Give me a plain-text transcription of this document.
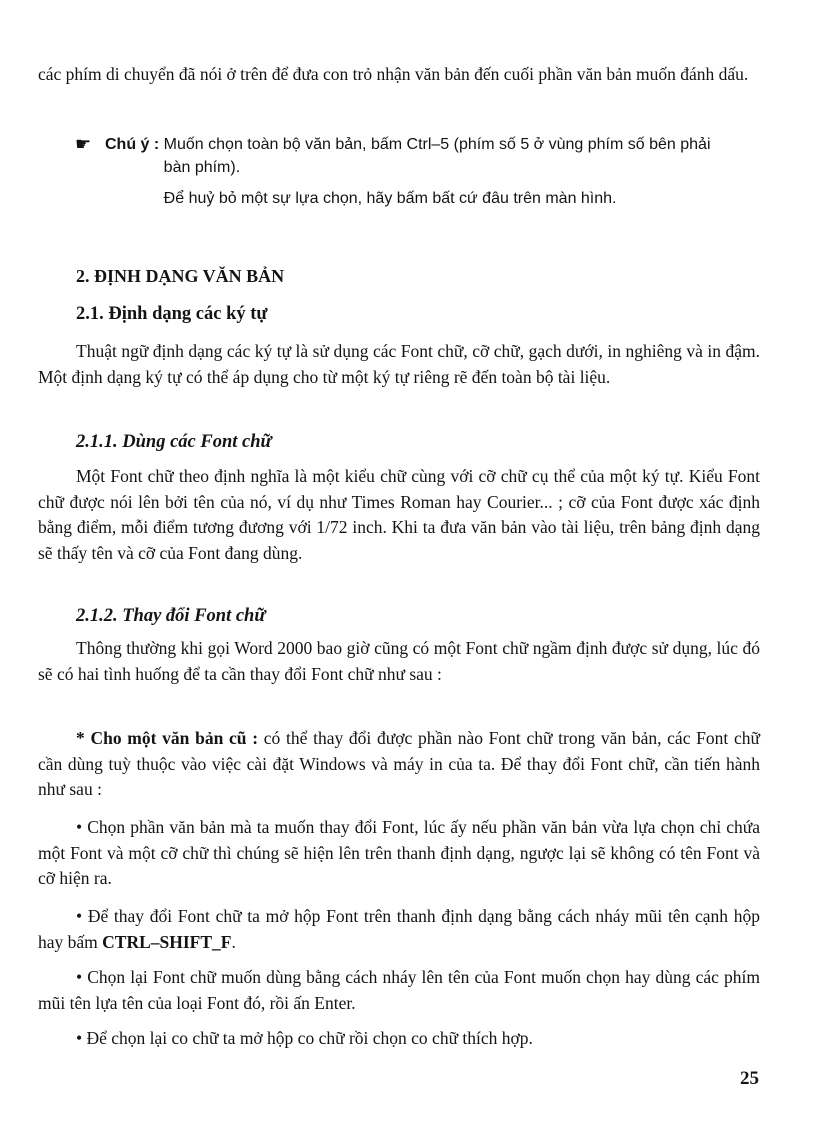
các phím di chuyển đã nói ở trên để đưa con trỏ nhận văn bản đến cuối phần văn bản muốn đánh dấu.

☛ Chú ý : Muốn chọn toàn bộ văn bản, bấm Ctrl–5 (phím số 5 ở vùng phím số bên phải bàn phím).

Để huỷ bỏ một sự lựa chọn, hãy bấm bất cứ đâu trên màn hình.

2. ĐỊNH DẠNG VĂN BẢN
2.1. Định dạng các ký tự

Thuật ngữ định dạng các ký tự là sử dụng các Font chữ, cỡ chữ, gạch dưới, in nghiêng và in đậm. Một định dạng ký tự có thể áp dụng cho từ một ký tự riêng rẽ đến toàn bộ tài liệu.

2.1.1. Dùng các Font chữ

Một Font chữ theo định nghĩa là một kiểu chữ cùng với cỡ chữ cụ thể của một ký tự. Kiểu Font chữ được nói lên bởi tên của nó, ví dụ như Times Roman hay Courier... ; cỡ của Font được xác định bằng điểm, mỗi điểm tương đương với 1/72 inch. Khi ta đưa văn bản vào tài liệu, trên bảng định dạng sẽ thấy tên và cỡ của Font đang dùng.

2.1.2. Thay đổi Font chữ

Thông thường khi gọi Word 2000 bao giờ cũng có một Font chữ ngầm định được sử dụng, lúc đó sẽ có hai tình huống để ta cần thay đổi Font chữ như sau :

* Cho một văn bản cũ : có thể thay đổi được phần nào Font chữ trong văn bản, các Font chữ cần dùng tuỳ thuộc vào việc cài đặt Windows và máy in của ta. Để thay đổi Font chữ, cần tiến hành như sau :

• Chọn phần văn bản mà ta muốn thay đổi Font, lúc ấy nếu phần văn bản vừa lựa chọn chỉ chứa một Font và một cỡ chữ thì chúng sẽ hiện lên trên thanh định dạng, ngược lại sẽ không có tên Font và cỡ hiện ra.

• Để thay đổi Font chữ ta mở hộp Font trên thanh định dạng bằng cách nháy mũi tên cạnh hộp hay bấm CTRL–SHIFT_F.

• Chọn lại Font chữ muốn dùng bằng cách nháy lên tên của Font muốn chọn hay dùng các phím mũi tên lựa tên của loại Font đó, rồi ấn Enter.

• Để chọn lại co chữ ta mở hộp co chữ rồi chọn co chữ thích hợp.

25
